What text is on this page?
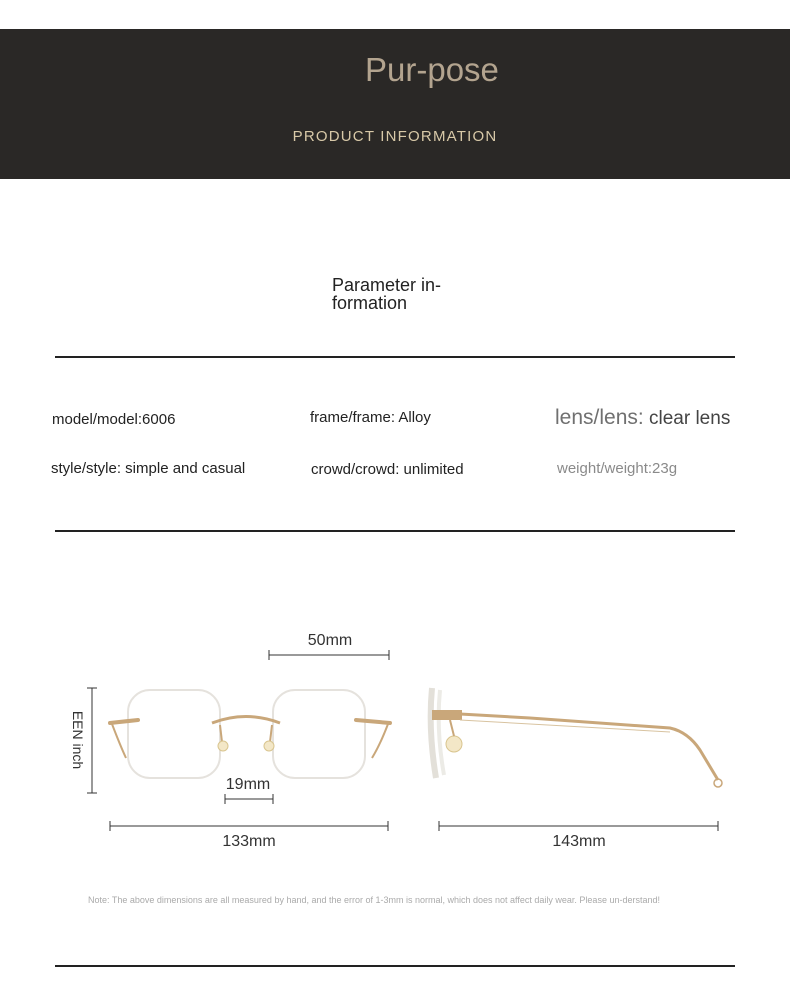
Pur-pose
PRODUCT INFORMATION
Parameter in-formation
model/model:6006	frame/frame: Alloy	lens/lens: clear lens
style/style: simple and casual	crowd/crowd: unlimited	weight/weight:23g
50mm
EEN inch
19mm
133mm	143mm
Note: The above dimensions are all measured by hand, and the error of 1-3mm is normal, which does not affect daily wear. Please un-derstand!
